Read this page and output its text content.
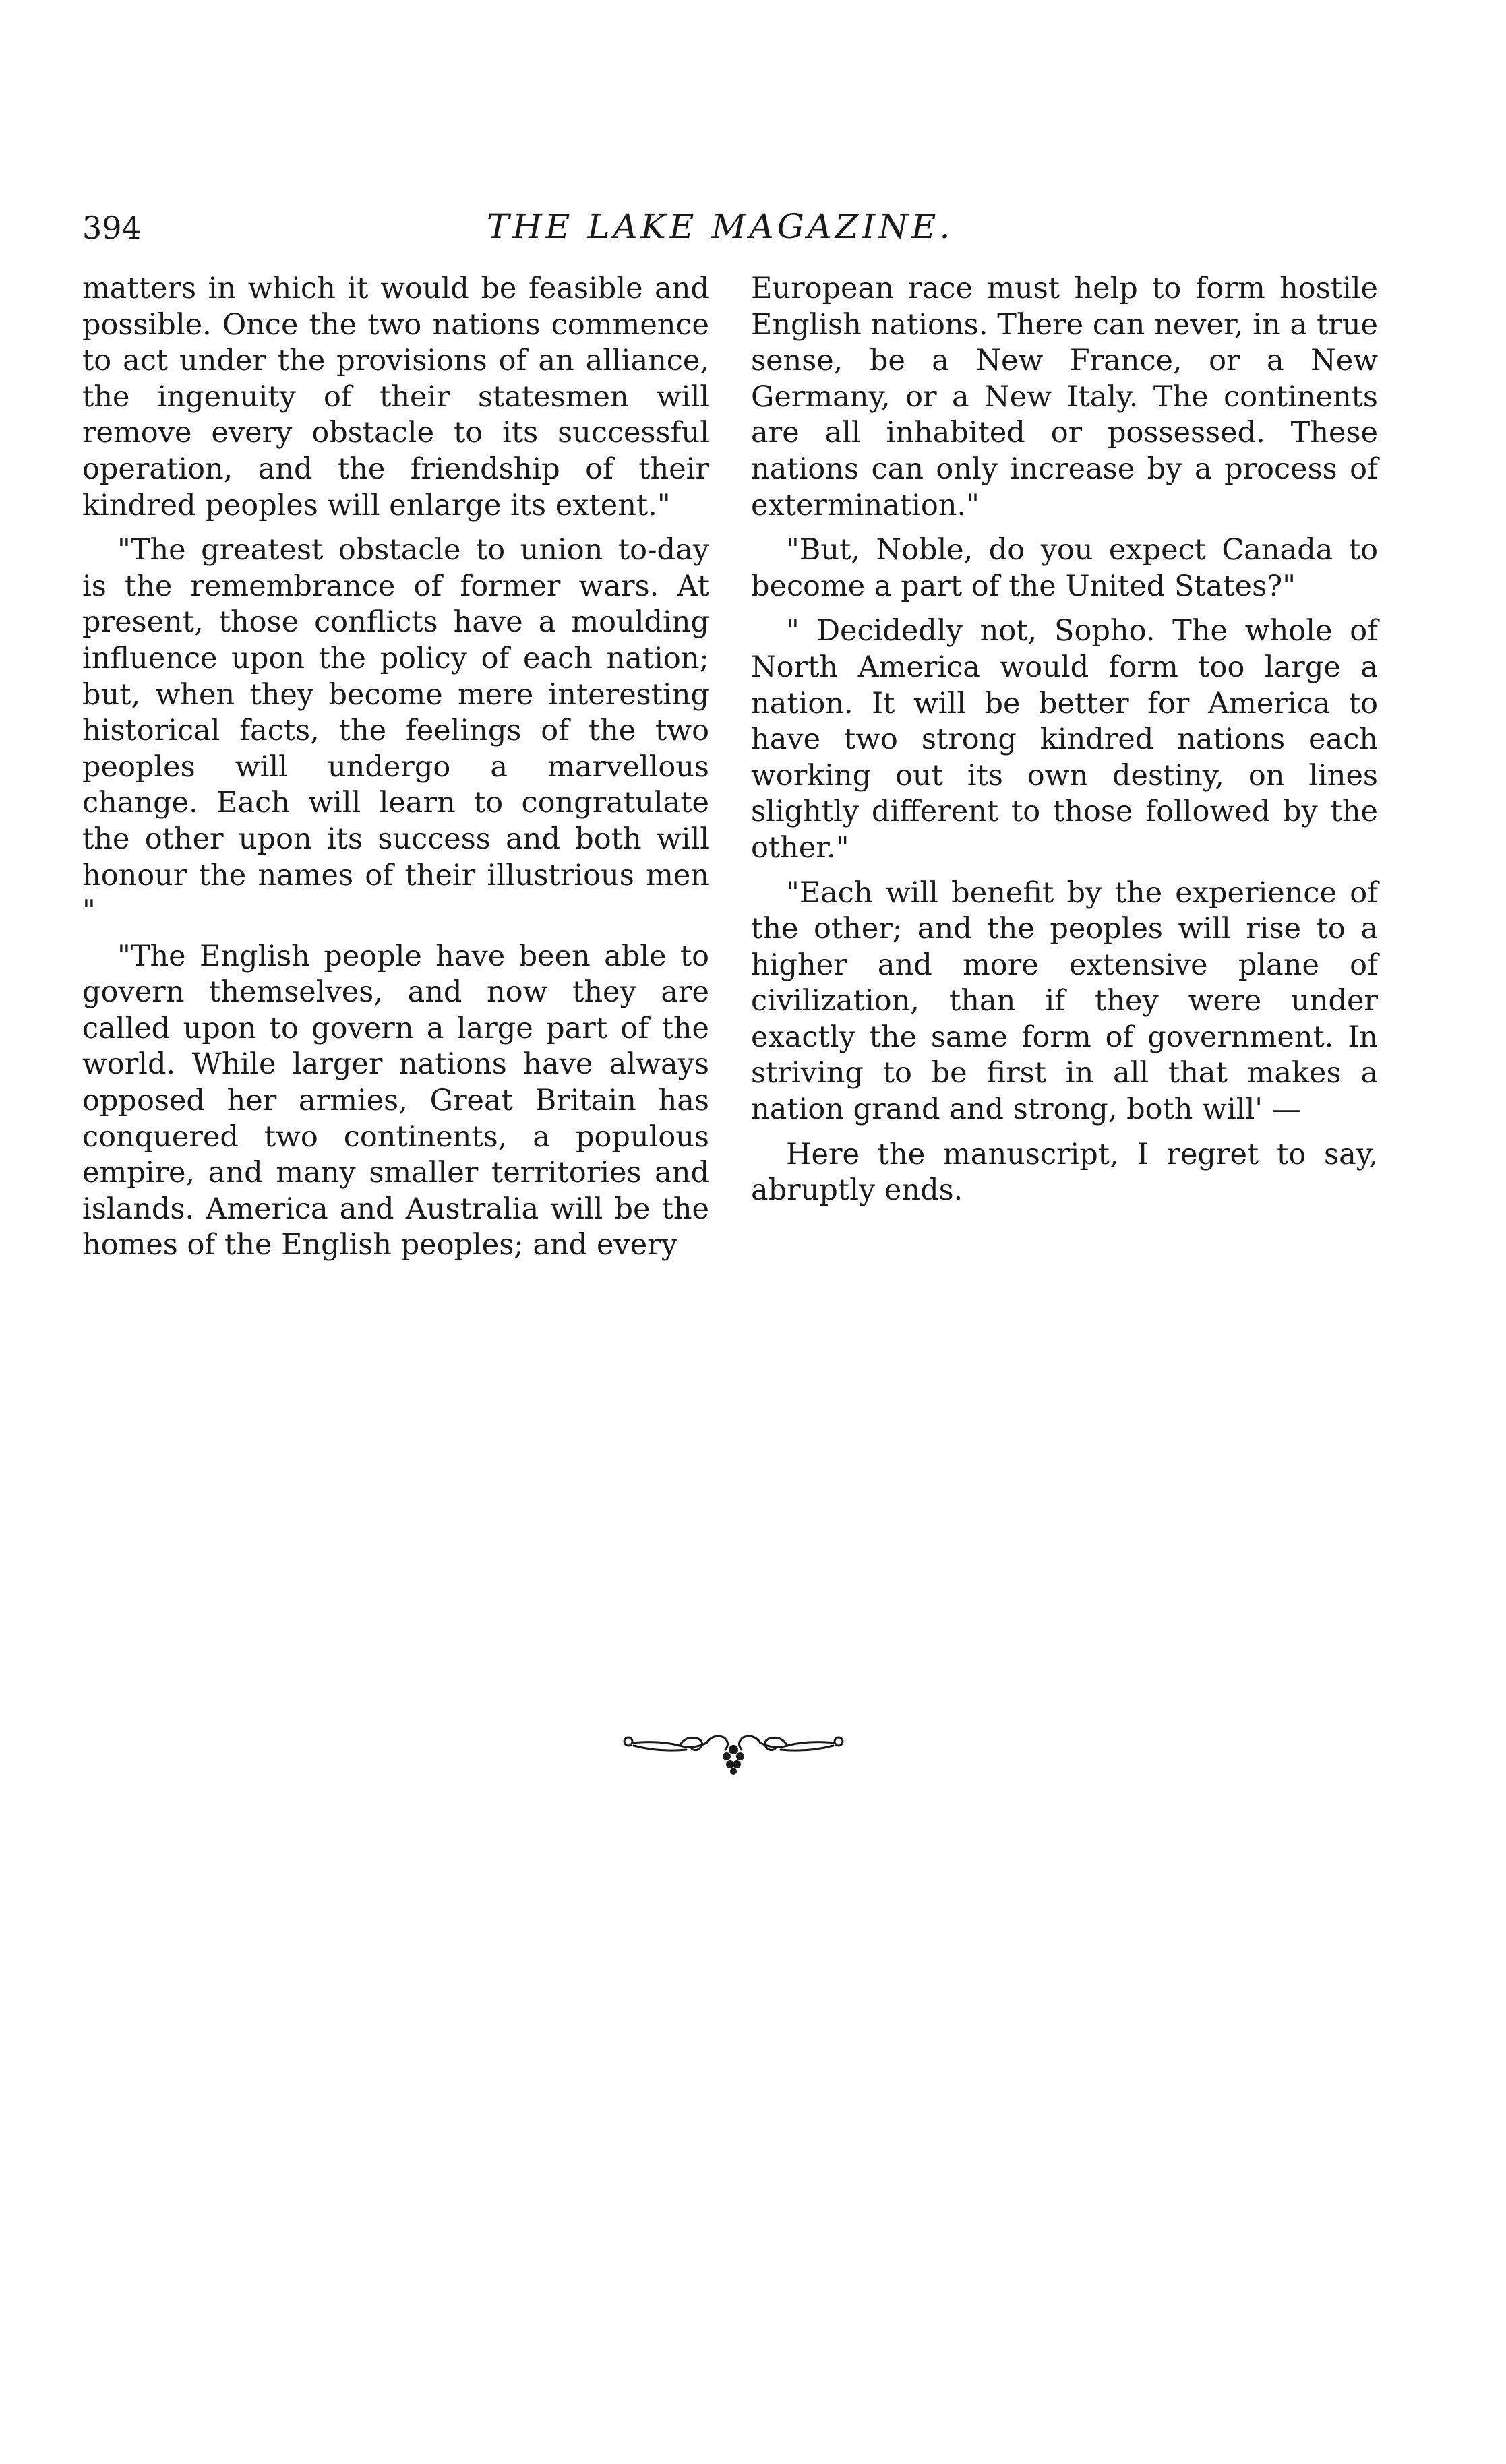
394	THE LAKE MAGAZINE.

matters in which it would be feasible and possible. Once the two nations commence to act under the provisions of an alliance, the ingenuity of their statesmen will remove every obstacle to its successful operation, and the friendship of their kindred peoples will enlarge its extent."

"The greatest obstacle to union to-day is the remembrance of former wars. At present, those conflicts have a moulding influence upon the policy of each nation; but, when they become mere interesting historical facts, the feelings of the two peoples will undergo a marvellous change. Each will learn to congratulate the other upon its success and both will honour the names of their illustrious men "

"The English people have been able to govern themselves, and now they are called upon to govern a large part of the world. While larger nations have always opposed her armies, Great Britain has conquered two continents, a populous empire, and many smaller territories and islands. America and Australia will be the homes of the English peoples; and every

European race must help to form hostile English nations. There can never, in a true sense, be a New France, or a New Germany, or a New Italy. The continents are all inhabited or possessed. These nations can only increase by a process of extermination."

"But, Noble, do you expect Canada to become a part of the United States?"

" Decidedly not, Sopho. The whole of North America would form too large a nation. It will be better for America to have two strong kindred nations each working out its own destiny, on lines slightly different to those followed by the other."

"Each will benefit by the experience of the other; and the peoples will rise to a higher and more extensive plane of civilization, than if they were under exactly the same form of government. In striving to be first in all that makes a nation grand and strong, both will' —

Here the manuscript, I regret to say, abruptly ends.
